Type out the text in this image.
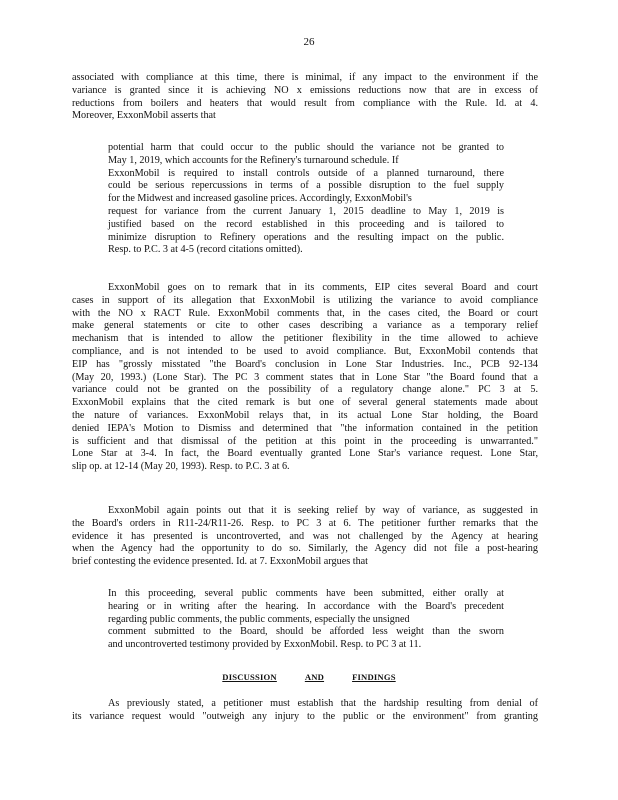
26
associated with compliance at this time, there is minimal, if any impact to the environment if the
variance is granted since it is achieving NO x emissions reductions now that are in excess of
reductions from boilers and heaters that would result from compliance with the Rule. Id. at 4.
Moreover, ExxonMobil asserts that
potential harm that could occur to the public should the variance not be granted to
May 1, 2019, which accounts for the Refinery's turnaround schedule. If
ExxonMobil is required to install controls outside of a planned turnaround, there
could be serious repercussions in terms of a possible disruption to the fuel supply
for the Midwest and increased gasoline prices. Accordingly, ExxonMobil's
request for variance from the current January 1, 2015 deadline to May 1, 2019 is
justified based on the record established in this proceeding and is tailored to
minimize disruption to Refinery operations and the resulting impact on the public.
Resp. to P.C. 3 at 4-5 (record citations omitted).
ExxonMobil goes on to remark that in its comments, EIP cites several Board and court
cases in support of its allegation that ExxonMobil is utilizing the variance to avoid compliance
with the NO x RACT Rule. ExxonMobil comments that, in the cases cited, the Board or court
make general statements or cite to other cases describing a variance as a temporary relief
mechanism that is intended to allow the petitioner flexibility in the time allowed to achieve
compliance, and is not intended to be used to avoid compliance. But, ExxonMobil contends that
EIP has "grossly misstated "the Board's conclusion in Lone Star Industries. Inc., PCB 92-134
(May 20, 1993.) (Lone Star). The PC 3 comment states that in Lone Star "the Board found that a
variance could not be granted on the possibility of a regulatory change alone." PC 3 at 5.
ExxonMobil explains that the cited remark is but one of several general statements made about
the nature of variances. ExxonMobil relays that, in its actual Lone Star holding, the Board
denied IEPA's Motion to Dismiss and determined that "the information contained in the petition
is sufficient and that dismissal of the petition at this point in the proceeding is unwarranted."
Lone Star at 3-4. In fact, the Board eventually granted Lone Star's variance request. Lone Star,
slip op. at 12-14 (May 20, 1993). Resp. to P.C. 3 at 6.
ExxonMobil again points out that it is seeking relief by way of variance, as suggested in
the Board's orders in R11-24/R11-26. Resp. to PC 3 at 6. The petitioner further remarks that the
evidence it has presented is uncontroverted, and was not challenged by the Agency at hearing
when the Agency had the opportunity to do so. Similarly, the Agency did not file a post-hearing
brief contesting the evidence presented. Id. at 7. ExxonMobil argues that
In this proceeding, several public comments have been submitted, either orally at
hearing or in writing after the hearing. In accordance with the Board's precedent
regarding public comments, the public comments, especially the unsigned
comment submitted to the Board, should be afforded less weight than the sworn
and uncontroverted testimony provided by ExxonMobil. Resp. to PC 3 at 11.
DISCUSSION	AND	FINDINGS
As previously stated, a petitioner must establish that the hardship resulting from denial of
its variance request would "outweigh any injury to the public or the environment" from granting
